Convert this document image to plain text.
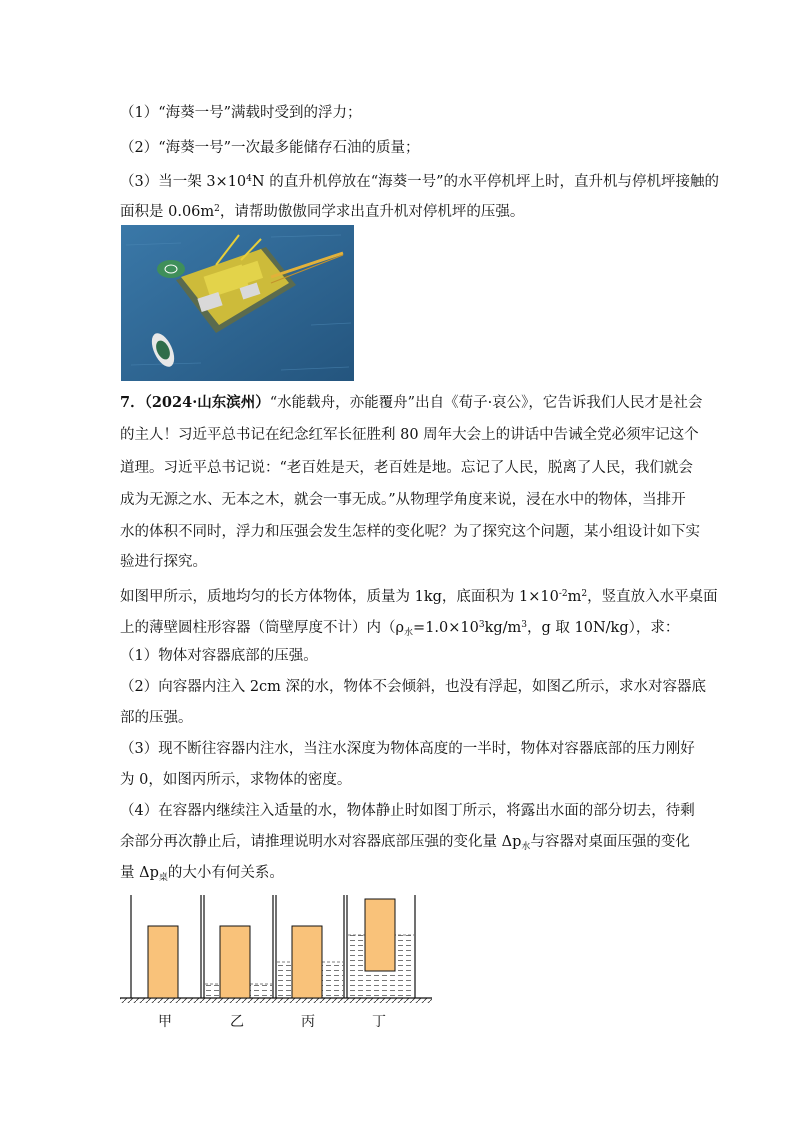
（1）“海葵一号”满载时受到的浮力；
（2）“海葵一号”一次最多能储存石油的质量；
（3）当一架 $3\times 10^4N$ 的直升机停放在“海葵一号”的水平停机坪上时，直升机与停机坪接触的
面积是 $0.06m^2$，请帮助傲傲同学求出直升机对停机坪的压强。
7．（2024·山东滨州）“水能载舟，亦能覆舟”出自《荀子·哀公》，它告诉我们人民才是社会
的主人！习近平总书记在纪念红军长征胜利 80 周年大会上的讲话中告诫全党必须牢记这个
道理。习近平总书记说：“老百姓是天，老百姓是地。忘记了人民，脱离了人民，我们就会
成为无源之水、无本之木，就会一事无成。”从物理学角度来说，浸在水中的物体，当排开
水的体积不同时，浮力和压强会发生怎样的变化呢？为了探究这个问题，某小组设计如下实
验进行探究。
如图甲所示，质地均匀的长方体物体，质量为 1kg，底面积为 $1\times 10^{-2}m^2$，竖直放入水平桌面
上的薄壁圆柱形容器（筒壁厚度不计）内（$\rho_水=1.0\times 10^3kg/m^3$，g 取 10N/kg），求：
（1）物体对容器底部的压强。
（2）向容器内注入 2cm 深的水，物体不会倾斜，也没有浮起，如图乙所示，求水对容器底
部的压强。
（3）现不断往容器内注水，当注水深度为物体高度的一半时，物体对容器底部的压力刚好
为 0，如图丙所示，求物体的密度。
（4）在容器内继续注入适量的水，物体静止时如图丁所示，将露出水面的部分切去，待剩
余部分再次静止后，请推理说明水对容器底部压强的变化量 $\Delta p_水$与容器对桌面压强的变化
量 $\Delta p_桌$的大小有何关系。
甲	乙	丙	丁
